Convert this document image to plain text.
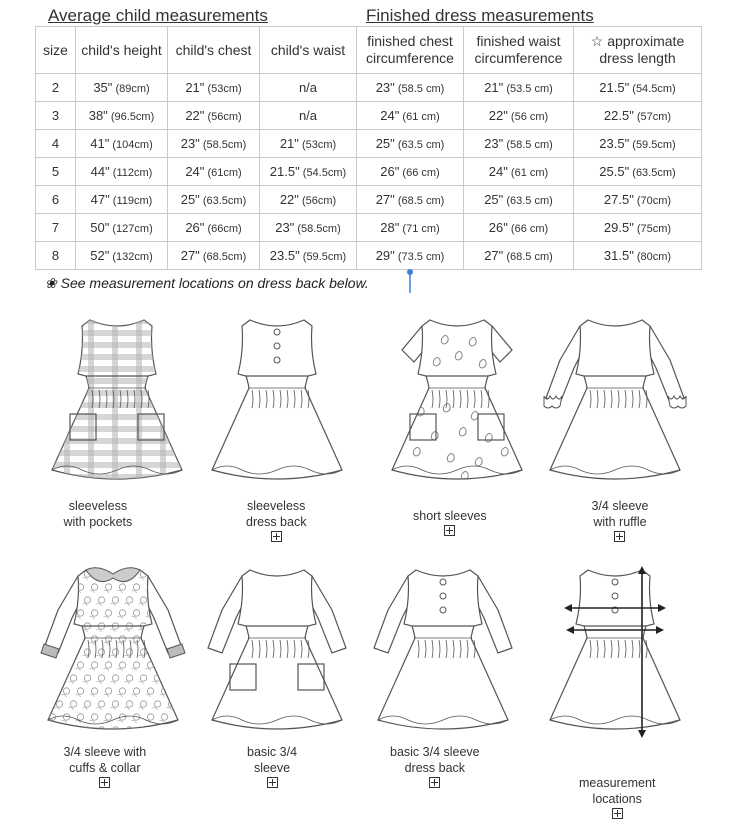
Average child measurements	Finished dress measurements
size	child's height	child's chest	child's waist	finished chest circumference	finished waist circumference	☆ approximate dress length
2	35" (89cm)	21" (53cm)	n/a	23" (58.5 cm)	21" (53.5 cm)	21.5" (54.5cm)
3	38" (96.5cm)	22" (56cm)	n/a	24" (61 cm)	22" (56 cm)	22.5" (57cm)
4	41" (104cm)	23" (58.5cm)	21" (53cm)	25" (63.5 cm)	23" (58.5 cm)	23.5" (59.5cm)
5	44" (112cm)	24" (61cm)	21.5" (54.5cm)	26" (66 cm)	24" (61 cm)	25.5" (63.5cm)
6	47" (119cm)	25" (63.5cm)	22" (56cm)	27" (68.5 cm)	25" (63.5 cm)	27.5" (70cm)
7	50" (127cm)	26" (66cm)	23" (58.5cm)	28" (71 cm)	26" (66 cm)	29.5" (75cm)
8	52" (132cm)	27" (68.5cm)	23.5" (59.5cm)	29" (73.5 cm)	27" (68.5 cm)	31.5" (80cm)
❀ See measurement locations on dress back below.
sleeveless
with pockets
sleeveless
dress back	short sleeves
3/4 sleeve
with ruffle
3/4 sleeve with
cuffs & collar
basic 3/4
sleeve
basic 3/4 sleeve
dress back
measurement
locations
